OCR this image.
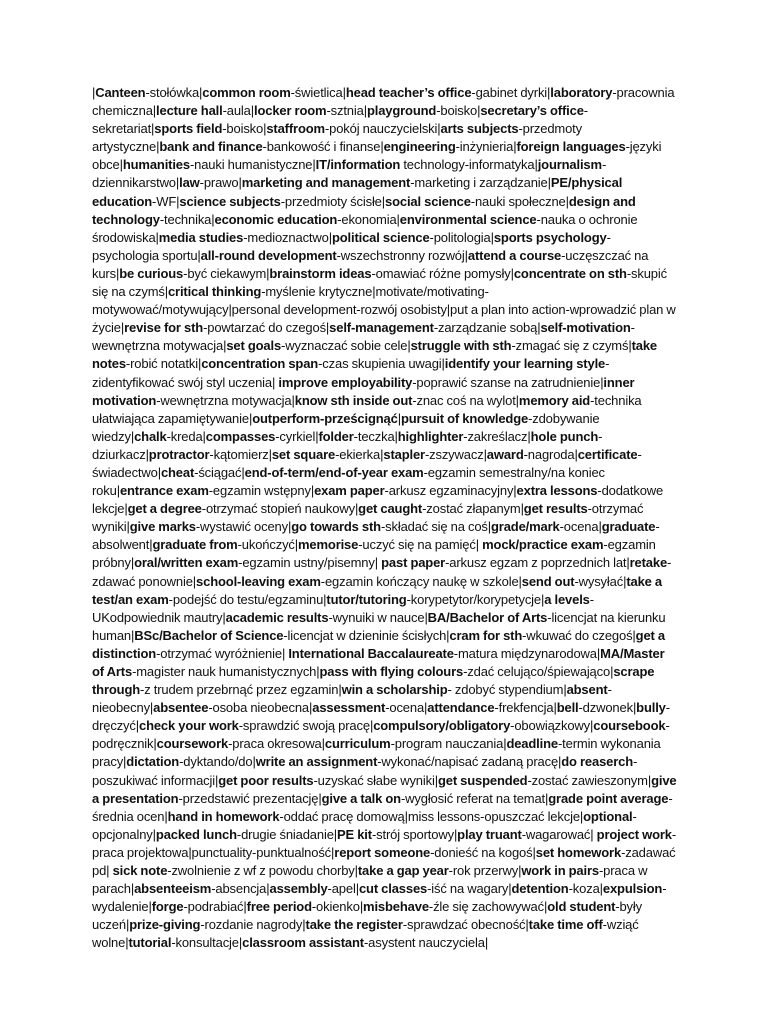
|Canteen-stołówka|common room-świetlica|head teacher’s office-gabinet dyrki|laboratory-pracownia chemiczna|lecture hall-aula|locker room-sztnia|playground-boisko|secretary’s office-sekretariat|sports field-boisko|staffroom-pokój nauczycielski|arts subjects-przedmoty artystyczne|bank and finance-bankowość i finanse|engineering-inżynieria|foreign languages-języki obce|humanities-nauki humanistyczne|IT/information technology-informatyka|journalism-dziennikarstwo|law-prawo|marketing and management-marketing i zarządzanie|PE/physical education-WF|science subjects-przedmioty ścisłe|social science-nauki społeczne|design and technology-technika|economic education-ekonomia|environmental science-nauka o ochronie środowiska|media studies-medioznactwo|political science-politologia|sports psychology-psychologia sportu|all-round development-wszechstronny rozwój|attend a course-uczęszczać na kurs|be curious-być ciekawym|brainstorm ideas-omawiać różne pomysły|concentrate on sth-skupić się na czymś|critical thinking-myślenie krytyczne|motivate/motivating-motywować/motywujący|personal development-rozwój osobisty|put a plan into action-wprowadzić plan w życie|revise for sth-powtarzać do czegoś|self-management-zarządzanie sobą|self-motivation-wewnętrzna motywacja|set goals-wyznaczać sobie cele|struggle with sth-zmagać się z czymś|take notes-robić notatki|concentration span-czas skupienia uwagi|identify your learning style-zidentyfikować swój styl uczenia| improve employability-poprawić szanse na zatrudnienie|inner motivation-wewnętrzna motywacja|know sth inside out-znac coś na wylot|memory aid-technika ułatwiająca zapamiętywanie|outperform-prześcignąć|pursuit of knowledge-zdobywanie wiedzy|chalk-kreda|compasses-cyrkiel|folder-teczka|highlighter-zakreślacz|hole punch-dziurkacz|protractor-kątomierz|set square-ekierka|stapler-zszywacz|award-nagroda|certificate-świadectwo|cheat-ściągać|end-of-term/end-of-year exam-egzamin semestralny/na koniec roku|entrance exam-egzamin wstępny|exam paper-arkusz egzaminacyjny|extra lessons-dodatkowe lekcje|get a degree-otrzymać stopień naukowy|get caught-zostać złapanym|get results-otrzymać wyniki|give marks-wystawić oceny|go towards sth-składać się na coś|grade/mark-ocena|graduate-absolwent|graduate from-ukończyć|memorise-uczyć się na pamięć| mock/practice exam-egzamin próbny|oral/written exam-egzamin ustny/pisemny| past paper-arkusz egzam z poprzednich lat|retake-zdawać ponownie|school-leaving exam-egzamin kończący naukę w szkole|send out-wysyłać|take a test/an exam-podejść do testu/egzaminu|tutor/tutoring-korypetytor/korypetycje|a levels-UKodpowiednik mautry|academic results-wynuiki w nauce|BA/Bachelor of Arts-licencjat na kierunku human|BSc/Bachelor of Science-licencjat w dzieninie ścisłych|cram for sth-wkuwać do czegoś|get a distinction-otrzymać wyróżnienie| International Baccalaureate-matura międzynarodowa|MA/Master of Arts-magister nauk humanistycznych|pass with flying colours-zdać celująco/śpiewająco|scrape through-z trudem przebrnąć przez egzamin|win a scholarship- zdobyć stypendium|absent-nieobecny|absentee-osoba nieobecna|assessment-ocena|attendance-frekfencja|bell-dzwonek|bully-dręczyć|check your work-sprawdzić swoją pracę|compulsory/obligatory-obowiązkowy|coursebook-podręcznik|coursework-praca okresowa|curriculum-program nauczania|deadline-termin wykonania pracy|dictation-dyktando/do|write an assignment-wykonać/napisać zadaną pracę|do reaserch-poszukiwać informacji|get poor results-uzyskać słabe wyniki|get suspended-zostać zawieszonym|give a presentation-przedstawić prezentację|give a talk on-wygłosić referat na temat|grade point average-średnia ocen|hand in homework-oddać pracę domową|miss lessons-opuszczać lekcje|optional-opcjonalny|packed lunch-drugie śniadanie|PE kit-strój sportowy|play truant-wagarować| project work-praca projektowa|punctuality-punktualność|report someone-donieść na kogoś|set homework-zadawać pd| sick note-zwolnienie z wf z powodu chorby|take a gap year-rok przerwy|work in pairs-praca w parach|absenteeism-absencja|assembly-apel|cut classes-iść na wagary|detention-koza|expulsion-wydalenie|forge-podrabiać|free period-okienko|misbehave-źle się zachowywać|old student-były uczeń|prize-giving-rozdanie nagrody|take the register-sprawdzać obecność|take time off-wziąć wolne|tutorial-konsultacje|classroom assistant-asystent nauczyciela|
